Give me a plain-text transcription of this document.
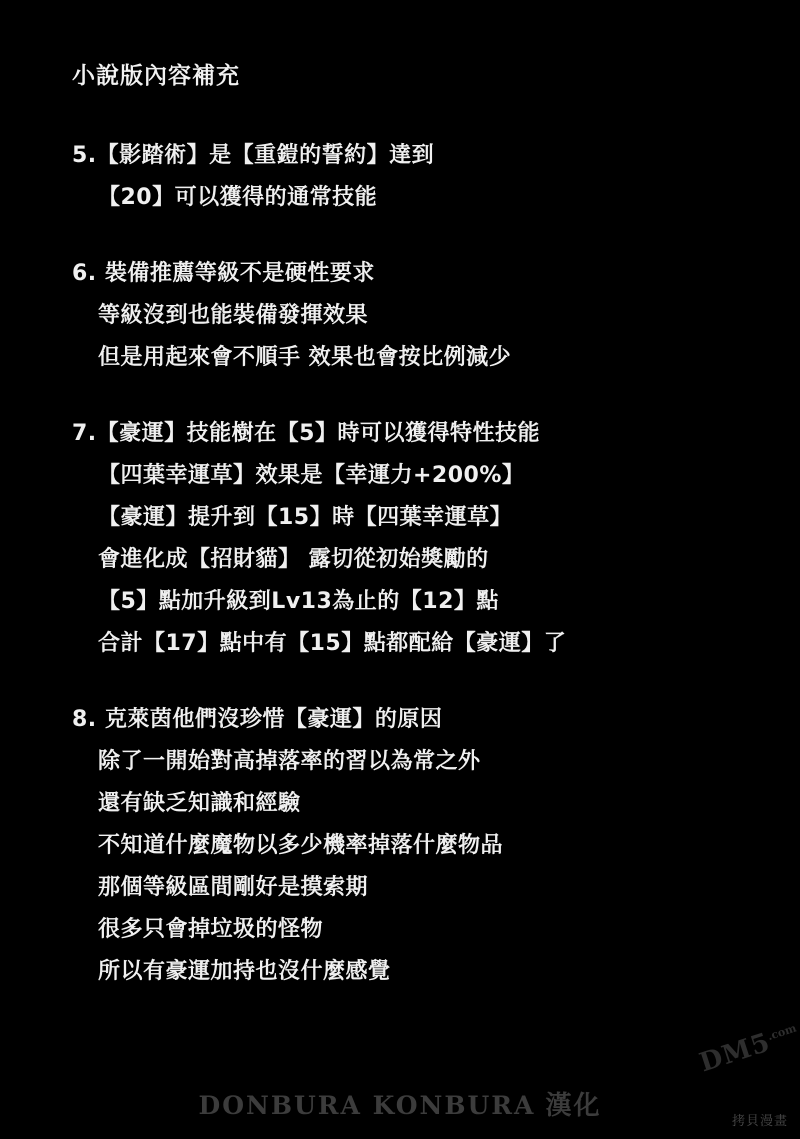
小說版內容補充
5.【影踏術】是【重鎧的誓約】達到
【20】可以獲得的通常技能
6. 裝備推薦等級不是硬性要求
等級沒到也能裝備發揮效果
但是用起來會不順手 效果也會按比例減少
7.【豪運】技能樹在【5】時可以獲得特性技能
【四葉幸運草】效果是【幸運力+200%】
【豪運】提升到【15】時【四葉幸運草】
會進化成【招財貓】 露切從初始獎勵的
【5】點加升級到Lv13為止的【12】點
合計【17】點中有【15】點都配給【豪運】了
8. 克萊茵他們沒珍惜【豪運】的原因
除了一開始對高掉落率的習以為常之外
還有缺乏知識和經驗
不知道什麼魔物以多少機率掉落什麼物品
那個等級區間剛好是摸索期
很多只會掉垃圾的怪物
所以有豪運加持也沒什麼感覺
DONBURA KONBURA 漢化
$DM5^{.com}$
拷貝漫畫
